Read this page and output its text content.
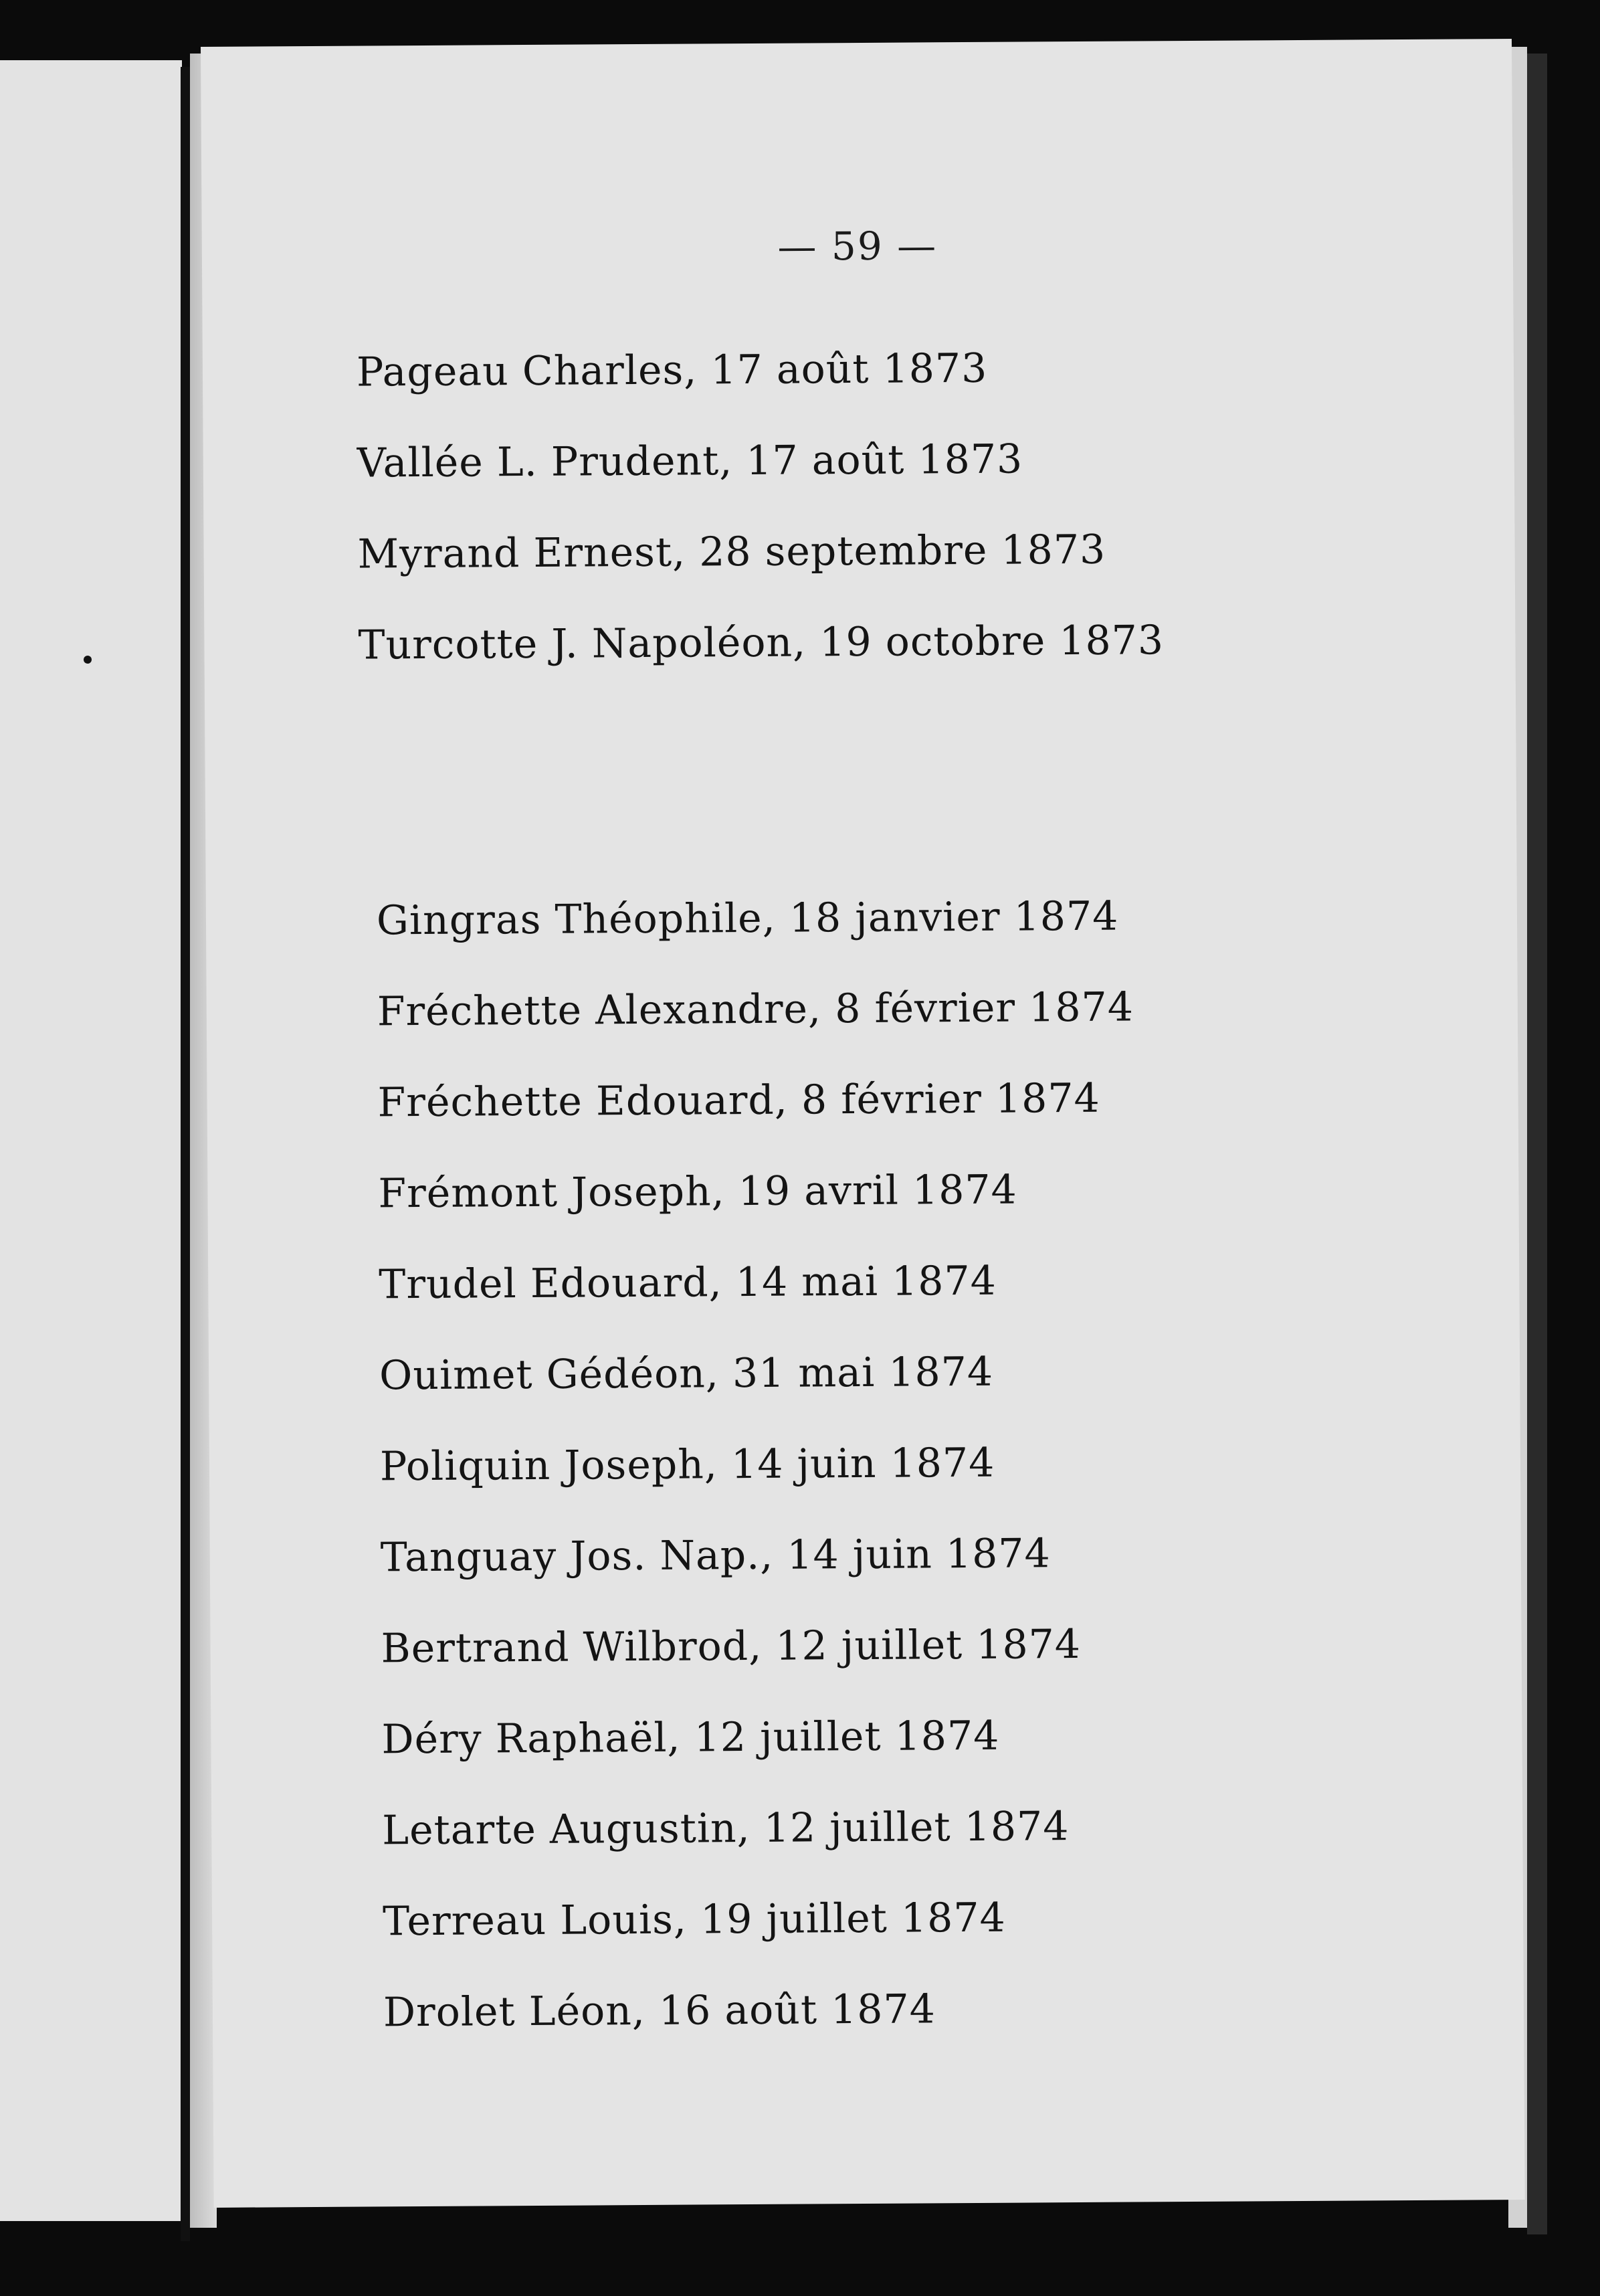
— 59 —
Pageau Charles, 17 août 1873
Vallée L. Prudent, 17 août 1873
Myrand Ernest, 28 septembre 1873
Turcotte J. Napoléon, 19 octobre 1873
Gingras Théophile, 18 janvier 1874
Fréchette Alexandre, 8 février 1874
Fréchette Edouard, 8 février 1874
Frémont Joseph, 19 avril 1874
Trudel Edouard, 14 mai 1874
Ouimet Gédéon, 31 mai 1874
Poliquin Joseph, 14 juin 1874
Tanguay Jos. Nap., 14 juin 1874
Bertrand Wilbrod, 12 juillet 1874
Déry Raphaël, 12 juillet 1874
Letarte Augustin, 12 juillet 1874
Terreau Louis, 19 juillet 1874
Drolet Léon, 16 août 1874
